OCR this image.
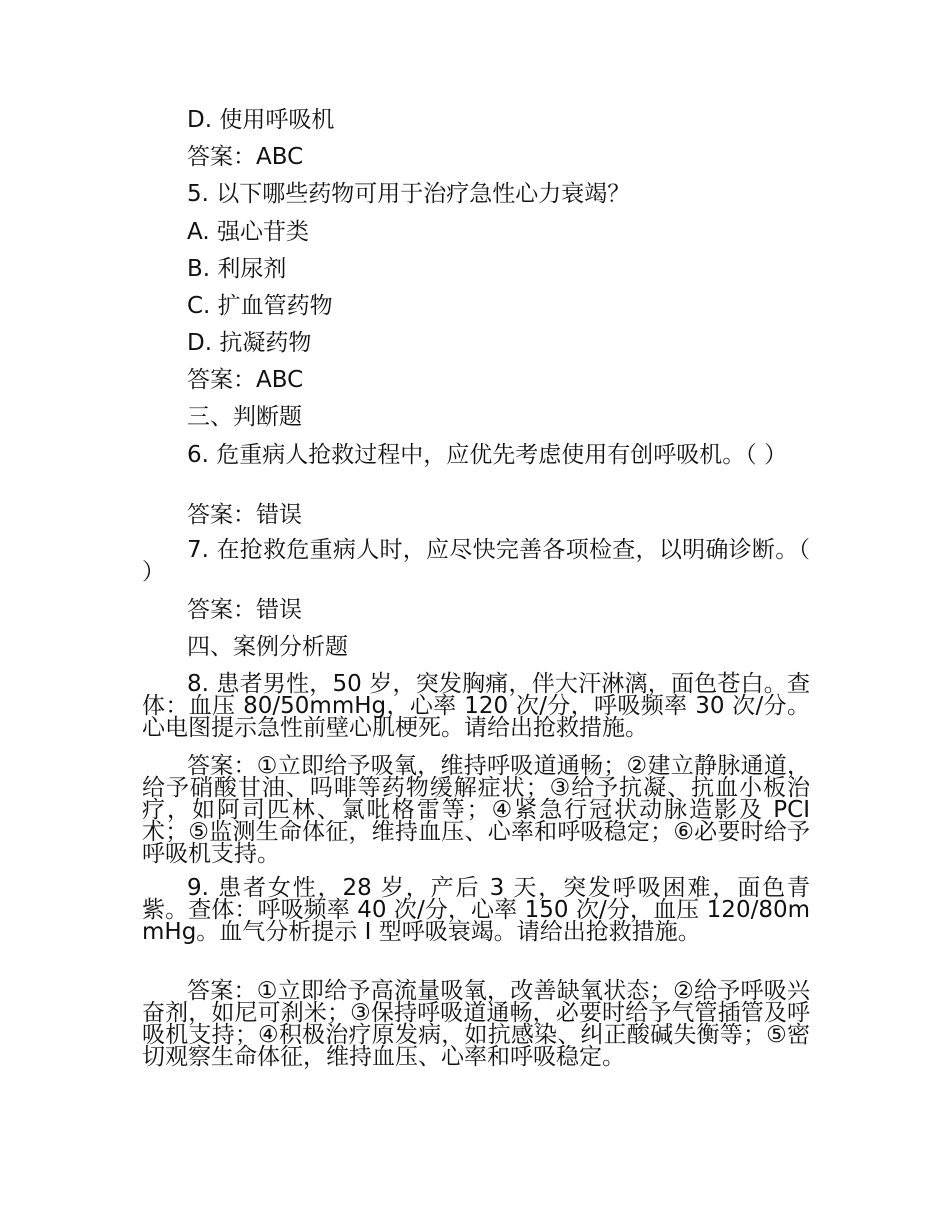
D. 使用呼吸机
答案：ABC
5. 以下哪些药物可用于治疗急性心力衰竭？
A. 强心苷类
B. 利尿剂
C. 扩血管药物
D. 抗凝药物
答案：ABC
三、判断题
6. 危重病人抢救过程中，应优先考虑使用有创呼吸机。（ ）
答案：错误
7. 在抢救危重病人时，应尽快完善各项检查，以明确诊断。（ ）
答案：错误
四、案例分析题
8. 患者男性，50 岁，突发胸痛，伴大汗淋漓，面色苍白。查体：血压 80/50mmHg，心率 120 次/分，呼吸频率 30 次/分。心电图提示急性前壁心肌梗死。请给出抢救措施。
答案：①立即给予吸氧，维持呼吸道通畅；②建立静脉通道，给予硝酸甘油、吗啡等药物缓解症状；③给予抗凝、抗血小板治疗，如阿司匹林、氯吡格雷等；④紧急行冠状动脉造影及 PCI 术；⑤监测生命体征，维持血压、心率和呼吸稳定；⑥必要时给予呼吸机支持。
9. 患者女性，28 岁，产后 3 天，突发呼吸困难，面色青紫。查体：呼吸频率 40 次/分，心率 150 次/分，血压 120/80mmHg。血气分析提示 I 型呼吸衰竭。请给出抢救措施。
答案：①立即给予高流量吸氧，改善缺氧状态；②给予呼吸兴奋剂，如尼可刹米；③保持呼吸道通畅，必要时给予气管插管及呼吸机支持；④积极治疗原发病，如抗感染、纠正酸碱失衡等；⑤密切观察生命体征，维持血压、心率和呼吸稳定。
